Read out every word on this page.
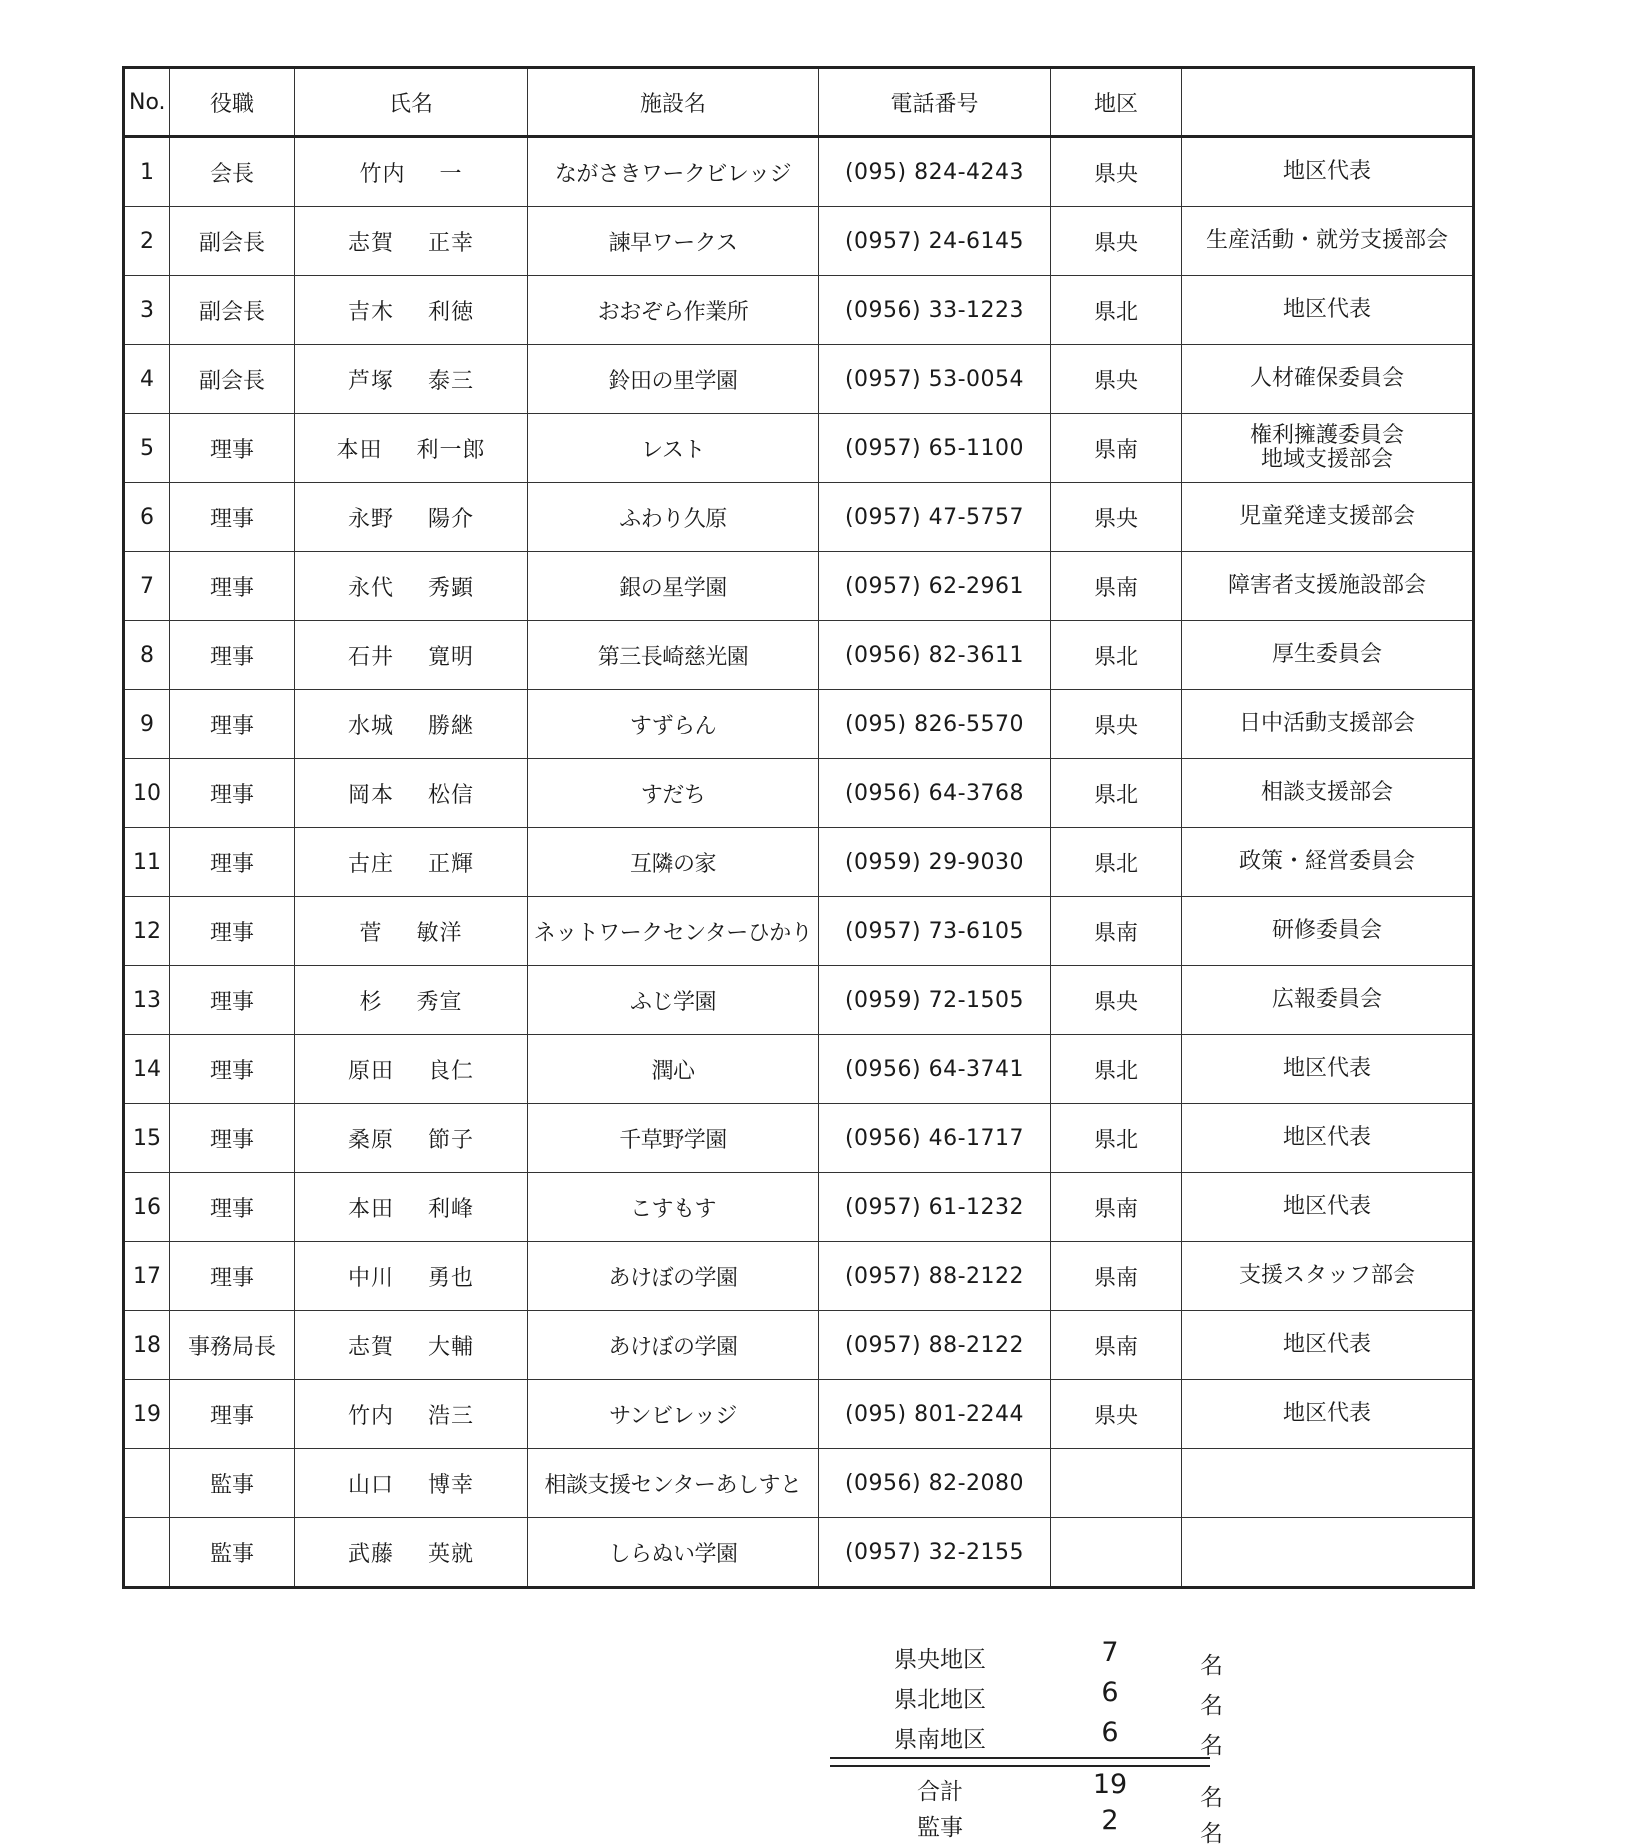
No.	役職	氏名	施設名	電話番号	地区	
1	会長	竹内 一	ながさきワークビレッジ	(095) 824-4243	県央	地区代表
2	副会長	志賀 正幸	諫早ワークス	(0957) 24-6145	県央	生産活動・就労支援部会
3	副会長	吉木 利徳	おおぞら作業所	(0956) 33-1223	県北	地区代表
4	副会長	芦塚 泰三	鈴田の里学園	(0957) 53-0054	県央	人材確保委員会
5	理事	本田 利一郎	レスト	(0957) 65-1100	県南	権利擁護委員会
地域支援部会
6	理事	永野 陽介	ふわり久原	(0957) 47-5757	県央	児童発達支援部会
7	理事	永代 秀顕	銀の星学園	(0957) 62-2961	県南	障害者支援施設部会
8	理事	石井 寛明	第三長崎慈光園	(0956) 82-3611	県北	厚生委員会
9	理事	水城 勝継	すずらん	(095) 826-5570	県央	日中活動支援部会
10	理事	岡本 松信	すだち	(0956) 64-3768	県北	相談支援部会
11	理事	古庄 正輝	互隣の家	(0959) 29-9030	県北	政策・経営委員会
12	理事	菅 敏洋	ネットワークセンターひかり	(0957) 73-6105	県南	研修委員会
13	理事	杉 秀宣	ふじ学園	(0959) 72-1505	県央	広報委員会
14	理事	原田 良仁	潤心	(0956) 64-3741	県北	地区代表
15	理事	桑原 節子	千草野学園	(0956) 46-1717	県北	地区代表
16	理事	本田 利峰	こすもす	(0957) 61-1232	県南	地区代表
17	理事	中川 勇也	あけぼの学園	(0957) 88-2122	県南	支援スタッフ部会
18	事務局長	志賀 大輔	あけぼの学園	(0957) 88-2122	県南	地区代表
19	理事	竹内 浩三	サンビレッジ	(095) 801-2244	県央	地区代表
	監事	山口 博幸	相談支援センターあしすと	(0956) 82-2080		
	監事	武藤 英就	しらぬい学園	(0957) 32-2155		
県央地区	7	名
県北地区	6	名
県南地区	6	名
合計	19	名
監事	2	名
